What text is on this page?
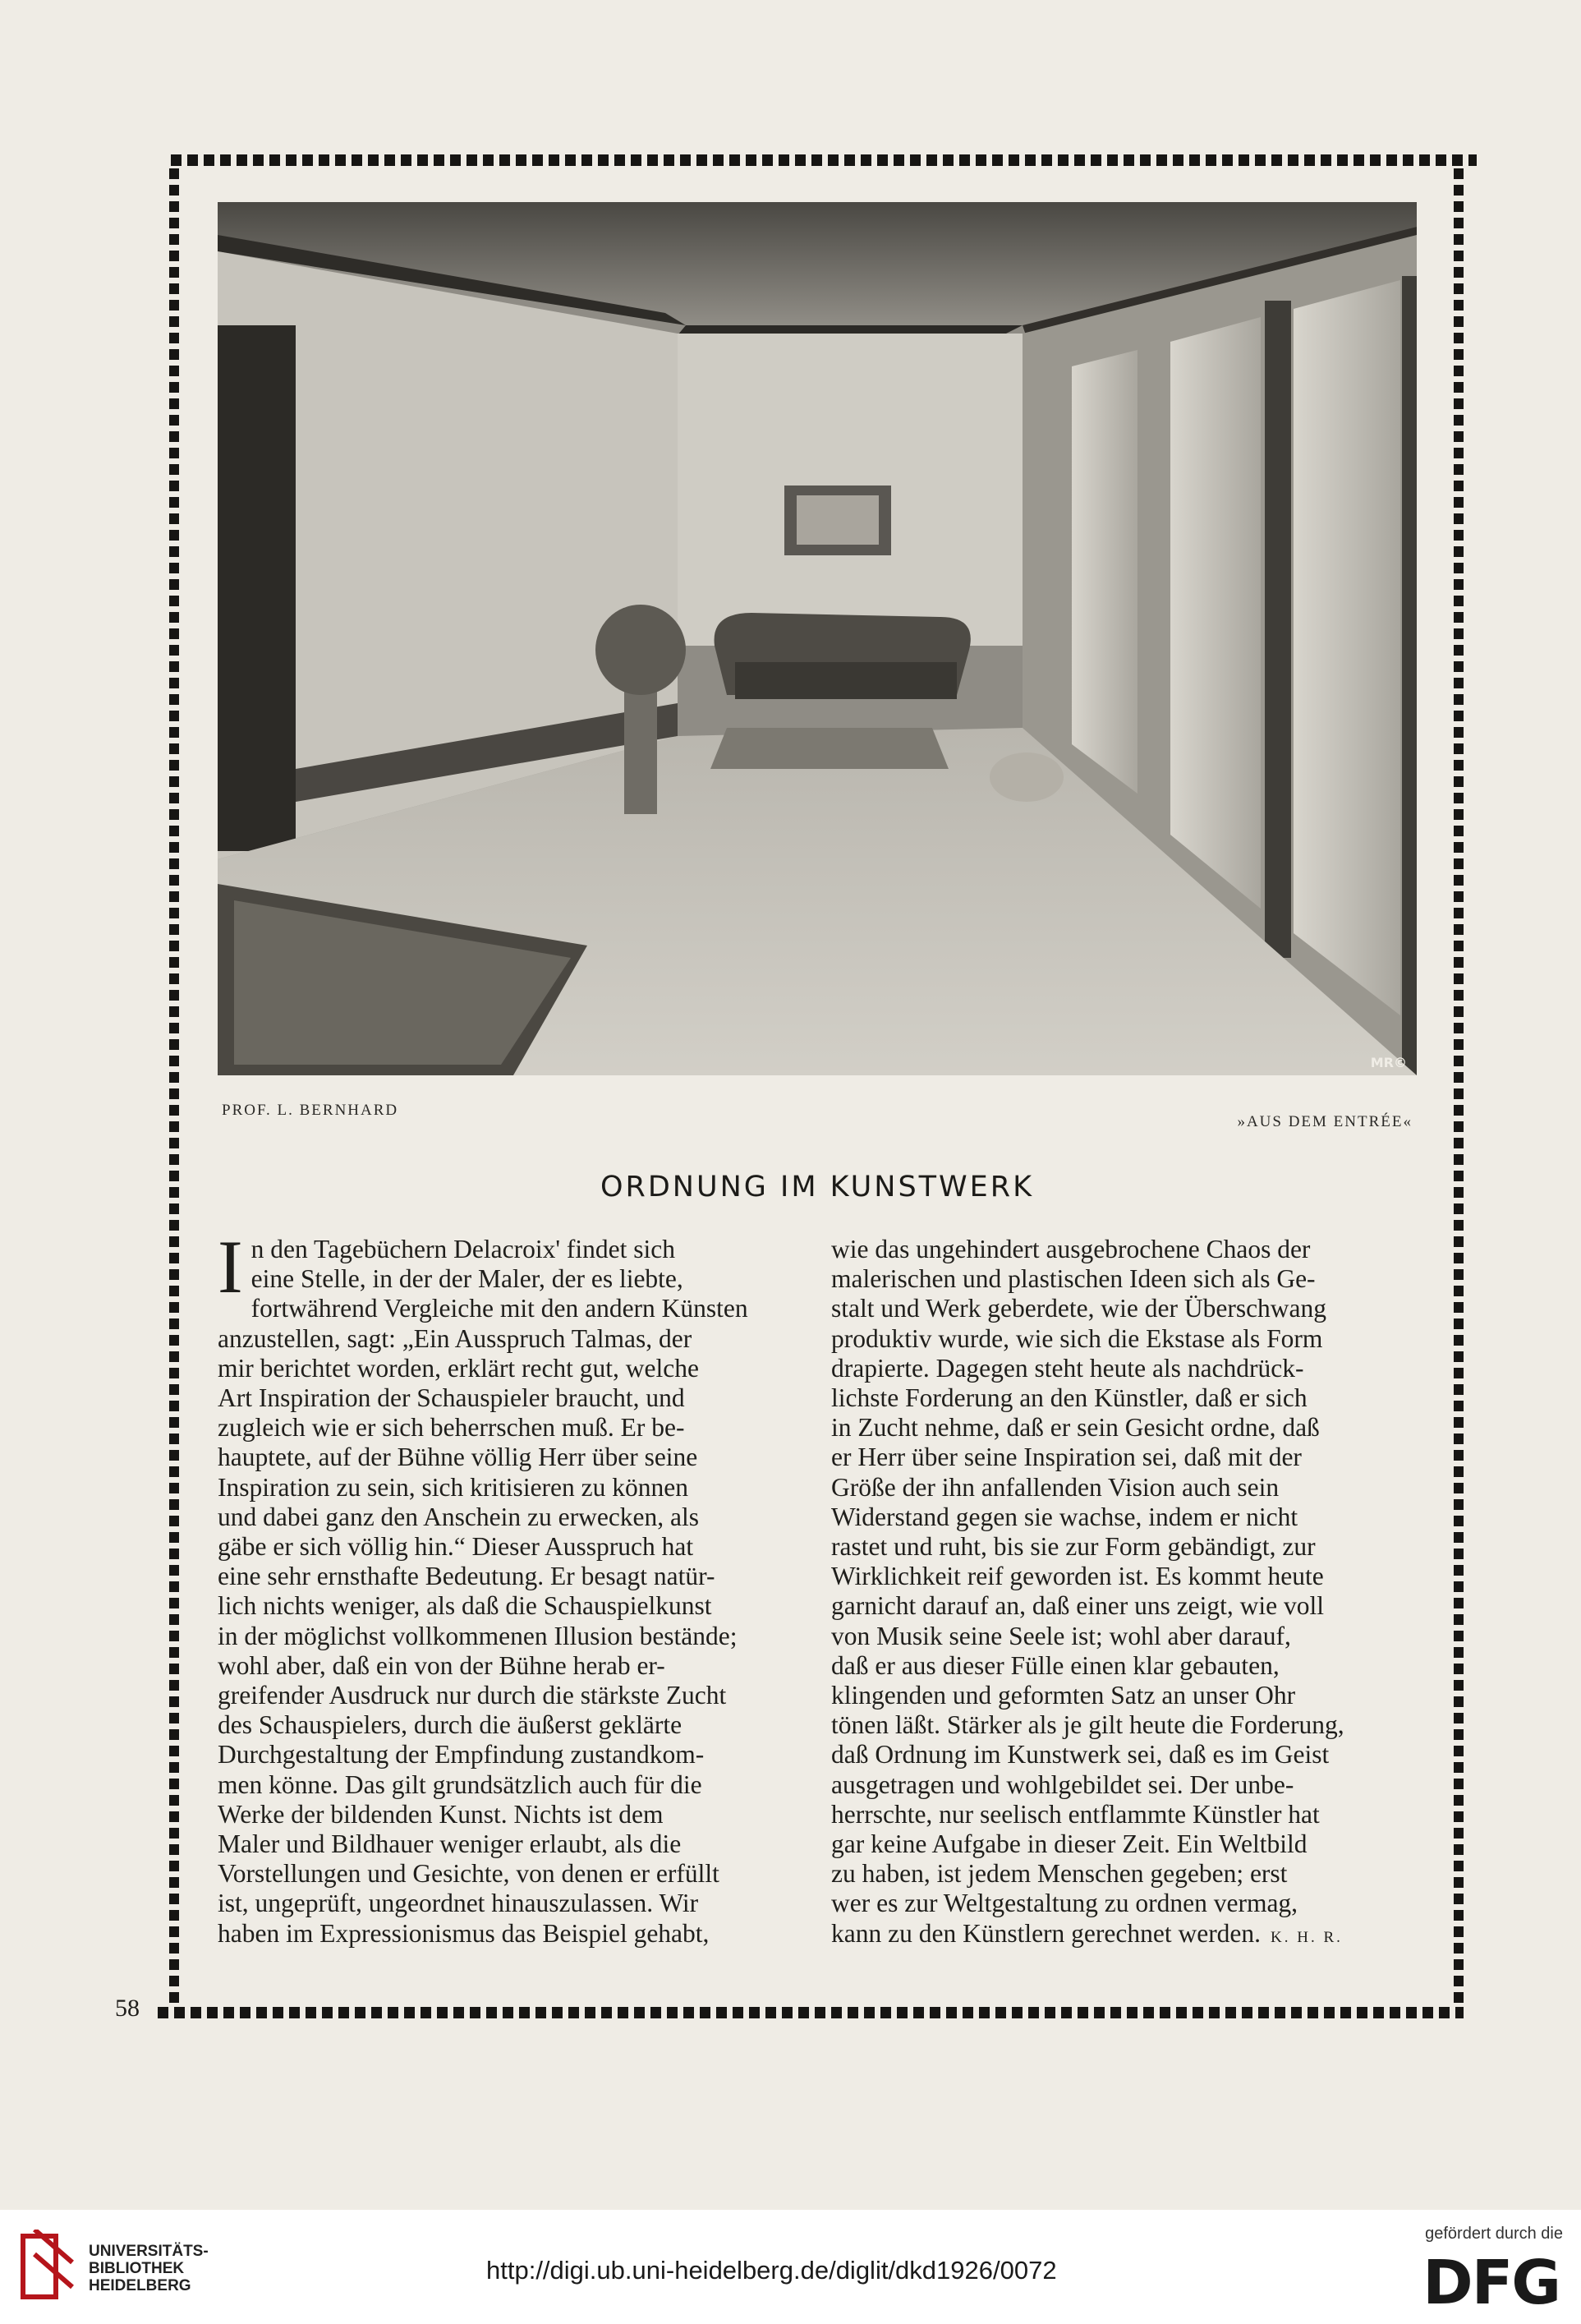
MR©
PROF. L. BERNHARD
»AUS DEM ENTRÉE«
ORDNUNG IM KUNSTWERK
I n den Tagebüchern Delacroix' findet sich

eine Stelle, in der der Maler, der es liebte,

fortwährend Vergleiche mit den andern Künsten

anzustellen, sagt: „Ein Ausspruch Talmas, der

mir berichtet worden, erklärt recht gut, welche

Art Inspiration der Schauspieler braucht, und

zugleich wie er sich beherrschen muß. Er be-

hauptete, auf der Bühne völlig Herr über seine

Inspiration zu sein, sich kritisieren zu können

und dabei ganz den Anschein zu erwecken, als

gäbe er sich völlig hin.“ Dieser Ausspruch hat

eine sehr ernsthafte Bedeutung. Er besagt natür-

lich nichts weniger, als daß die Schauspielkunst

in der möglichst vollkommenen Illusion bestände;

wohl aber, daß ein von der Bühne herab er-

greifender Ausdruck nur durch die stärkste Zucht

des Schauspielers, durch die äußerst geklärte

Durchgestaltung der Empfindung zustandkom-

men könne. Das gilt grundsätzlich auch für die

Werke der bildenden Kunst. Nichts ist dem

Maler und Bildhauer weniger erlaubt, als die

Vorstellungen und Gesichte, von denen er erfüllt

ist, ungeprüft, ungeordnet hinauszulassen. Wir

haben im Expressionismus das Beispiel gehabt,

wie das ungehindert ausgebrochene Chaos der

malerischen und plastischen Ideen sich als Ge-

stalt und Werk geberdete, wie der Überschwang

produktiv wurde, wie sich die Ekstase als Form

drapierte. Dagegen steht heute als nachdrück-

lichste Forderung an den Künstler, daß er sich

in Zucht nehme, daß er sein Gesicht ordne, daß

er Herr über seine Inspiration sei, daß mit der

Größe der ihn anfallenden Vision auch sein

Widerstand gegen sie wachse, indem er nicht

rastet und ruht, bis sie zur Form gebändigt, zur

Wirklichkeit reif geworden ist. Es kommt heute

garnicht darauf an, daß einer uns zeigt, wie voll

von Musik seine Seele ist; wohl aber darauf,

daß er aus dieser Fülle einen klar gebauten,

klingenden und geformten Satz an unser Ohr

tönen läßt. Stärker als je gilt heute die Forderung,

daß Ordnung im Kunstwerk sei, daß es im Geist

ausgetragen und wohlgebildet sei. Der unbe-

herrschte, nur seelisch entflammte Künstler hat

gar keine Aufgabe in dieser Zeit. Ein Weltbild

zu haben, ist jedem Menschen gegeben; erst

wer es zur Weltgestaltung zu ordnen vermag,

kann zu den Künstlern gerechnet werden. K. H. R.

58
UNIVERSITÄTS-
BIBLIOTHEK
HEIDELBERG
http://digi.ub.uni-heidelberg.de/diglit/dkd1926/0072
gefördert durch die
DFG
